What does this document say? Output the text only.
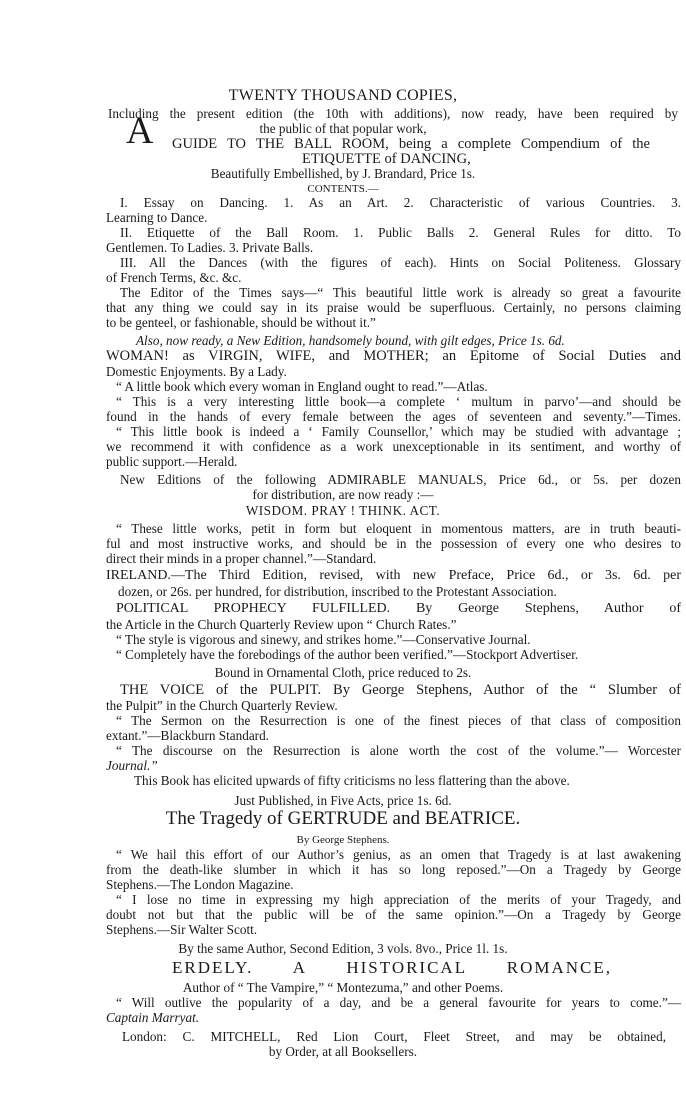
TWENTY THOUSAND COPIES,
Including the present edition (the 10th with additions), now ready, have been required by
the public of that popular work,
A GUIDE TO THE BALL ROOM, being a complete Compendium of the
ETIQUETTE of DANCING,
Beautifully Embellished, by J. Brandard, Price 1s.
CONTENTS.—
I. Essay on Dancing. 1. As an Art. 2. Characteristic of various Countries. 3.
Learning to Dance.
II. Etiquette of the Ball Room. 1. Public Balls 2. General Rules for ditto. To
Gentlemen. To Ladies. 3. Private Balls.
III. All the Dances (with the figures of each). Hints on Social Politeness. Glossary
of French Terms, &c. &c.
The Editor of the Times says—“ This beautiful little work is already so great a favourite
that any thing we could say in its praise would be superfluous. Certainly, no persons claiming
to be genteel, or fashionable, should be without it.”
Also, now ready, a New Edition, handsomely bound, with gilt edges, Price 1s. 6d.
WOMAN! as VIRGIN, WIFE, and MOTHER; an Epitome of Social Duties and
Domestic Enjoyments. By a Lady.
“ A little book which every woman in England ought to read.”—Atlas.
“ This is a very interesting little book—a complete ‘ multum in parvo’—and should be
found in the hands of every female between the ages of seventeen and seventy.”—Times.
“ This little book is indeed a ‘ Family Counsellor,’ which may be studied with advantage ;
we recommend it with confidence as a work unexceptionable in its sentiment, and worthy of
public support.—Herald.
New Editions of the following ADMIRABLE MANUALS, Price 6d., or 5s. per dozen
for distribution, are now ready :—
WISDOM. PRAY ! THINK. ACT.
“ These little works, petit in form but eloquent in momentous matters, are in truth beauti-
ful and most instructive works, and should be in the possession of every one who desires to
direct their minds in a proper channel.”—Standard.
IRELAND.—The Third Edition, revised, with new Preface, Price 6d., or 3s. 6d. per
dozen, or 26s. per hundred, for distribution, inscribed to the Protestant Association.
POLITICAL PROPHECY FULFILLED. By George Stephens, Author of
the Article in the Church Quarterly Review upon “ Church Rates.”
“ The style is vigorous and sinewy, and strikes home.”—Conservative Journal.
“ Completely have the forebodings of the author been verified.”—Stockport Advertiser.
Bound in Ornamental Cloth, price reduced to 2s.
THE VOICE of the PULPIT. By George Stephens, Author of the “ Slumber of
the Pulpit” in the Church Quarterly Review.
“ The Sermon on the Resurrection is one of the finest pieces of that class of composition
extant.”—Blackburn Standard.
“ The discourse on the Resurrection is alone worth the cost of the volume.”— Worcester
Journal.”
This Book has elicited upwards of fifty criticisms no less flattering than the above.
Just Published, in Five Acts, price 1s. 6d.
The Tragedy of GERTRUDE and BEATRICE.
By George Stephens.
“ We hail this effort of our Author’s genius, as an omen that Tragedy is at last awakening
from the death-like slumber in which it has so long reposed.”—On a Tragedy by George
Stephens.—The London Magazine.
“ I lose no time in expressing my high appreciation of the merits of your Tragedy, and
doubt not but that the public will be of the same opinion.”—On a Tragedy by George
Stephens.—Sir Walter Scott.
By the same Author, Second Edition, 3 vols. 8vo., Price 1l. 1s.
ERDELY. A HISTORICAL ROMANCE,
Author of “ The Vampire,” “ Montezuma,” and other Poems.
“ Will outlive the popularity of a day, and be a general favourite for years to come.”—
Captain Marryat.
London: C. MITCHELL, Red Lion Court, Fleet Street, and may be obtained,
by Order, at all Booksellers.
